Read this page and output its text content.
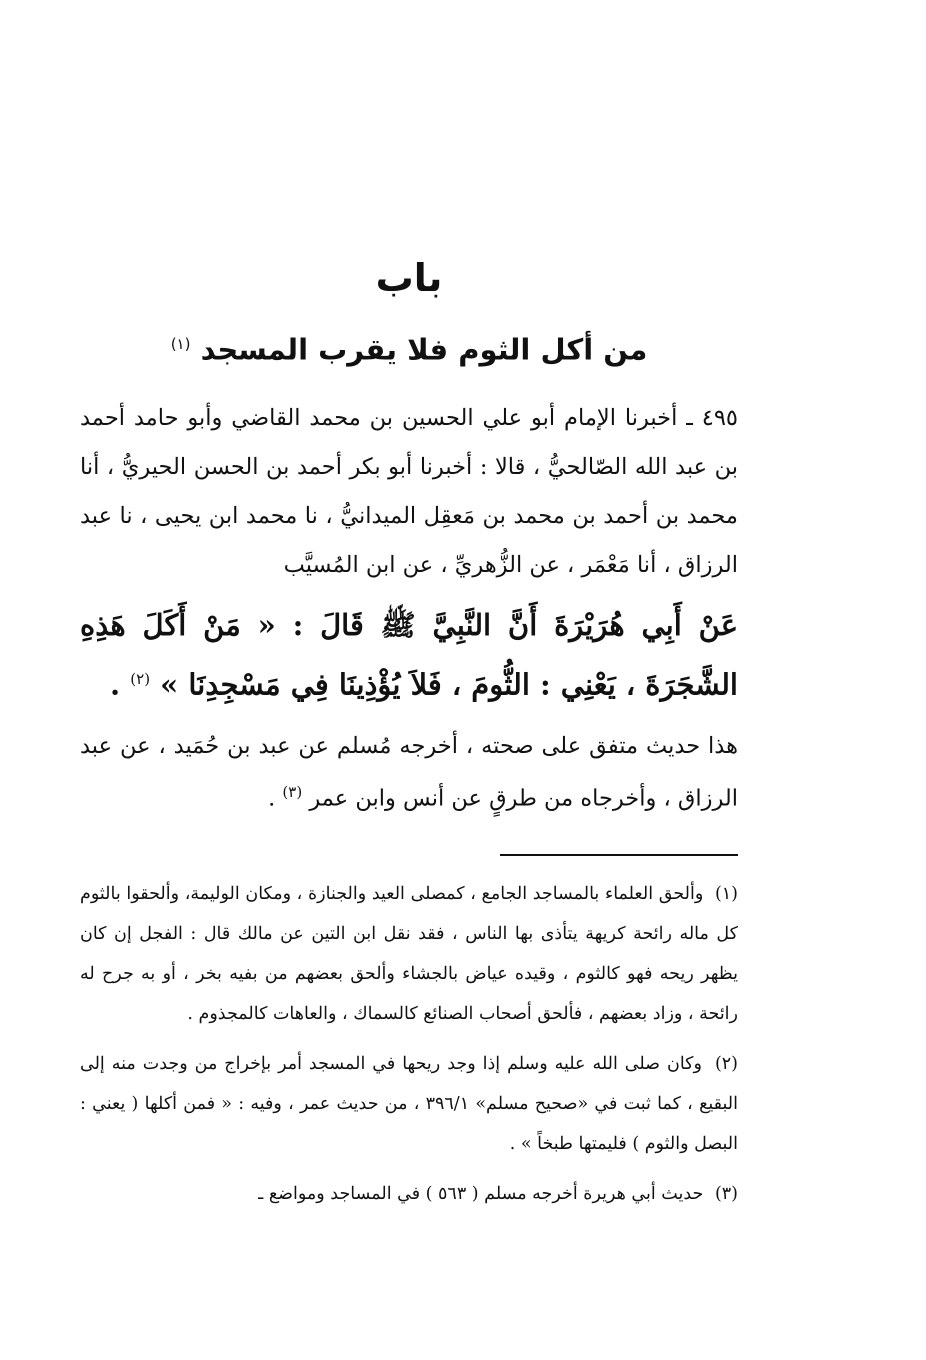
باب
من أكل الثوم فلا يقرب المسجد $^{(١)}$

٤٩٥ ـ أخبرنا الإمام أبو علي الحسين بن محمد القاضي وأبو حامد أحمد بن عبد الله الصّالحيُّ ، قالا : أخبرنا أبو بكر أحمد بن الحسن الحيريُّ ، أنا محمد بن أحمد بن محمد بن مَعقِل الميدانيُّ ، نا محمد ابن يحيى ، نا عبد الرزاق ، أنا مَعْمَر ، عن الزُّهريِّ ، عن ابن المُسيَّب

عَنْ أَبِي هُرَيْرَةَ أَنَّ النَّبِيَّ ﷺ قَالَ : « مَنْ أَكَلَ هَذِهِ الشَّجَرَةَ ، يَعْنِي : الثُّومَ ، فَلاَ يُؤْذِينَا فِي مَسْجِدِنَا » $^{(٢)}$ .

هذا حديث متفق على صحته ، أخرجه مُسلم عن عبد بن حُمَيد ، عن عبد الرزاق ، وأخرجاه من طرقٍ عن أنس وابن عمر $^{(٣)}$ .

(١) وألحق العلماء بالمساجد الجامع ، كمصلى العيد والجنازة ، ومكان الوليمة، وألحقوا بالثوم كل ماله رائحة كريهة يتأذى بها الناس ، فقد نقل ابن التين عن مالك قال : الفجل إن كان يظهر ريحه فهو كالثوم ، وقيده عياض بالجشاء وألحق بعضهم من بفيه بخر ، أو به جرح له رائحة ، وزاد بعضهم ، فألحق أصحاب الصنائع كالسماك ، والعاهات كالمجذوم .

(٢) وكان صلى الله عليه وسلم إذا وجد ريحها في المسجد أمر بإخراج من وجدت منه إلى البقيع ، كما ثبت في «صحيح مسلم» ٣٩٦/١ ، من حديث عمر ، وفيه : « فمن أكلها ( يعني : البصل والثوم ) فليمتها طبخاً » .

(٣) حديث أبي هريرة أخرجه مسلم ( ٥٦٣ ) في المساجد ومواضع ـ
